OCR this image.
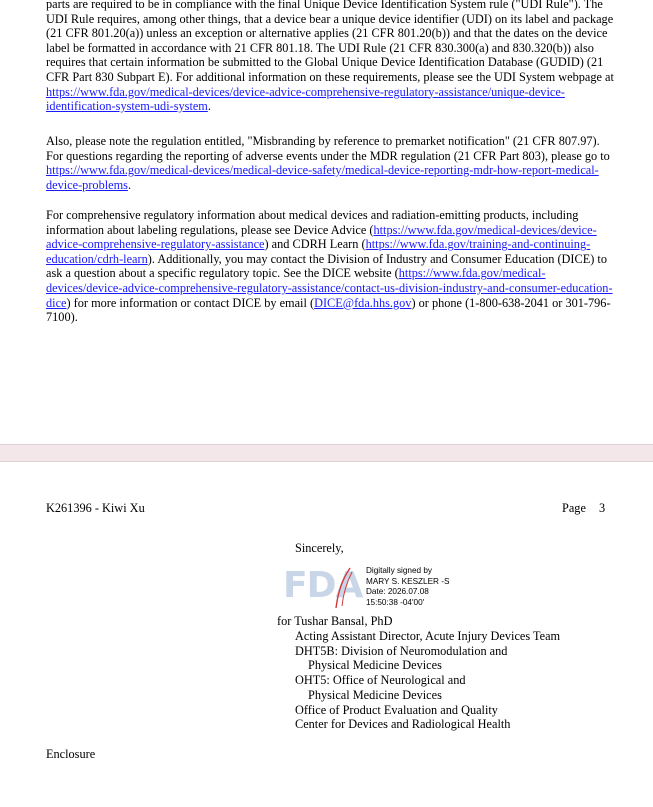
parts are required to be in compliance with the final Unique Device Identification System rule ("UDI Rule"). The UDI Rule requires, among other things, that a device bear a unique device identifier (UDI) on its label and package (21 CFR 801.20(a)) unless an exception or alternative applies (21 CFR 801.20(b)) and that the dates on the device label be formatted in accordance with 21 CFR 801.18. The UDI Rule (21 CFR 830.300(a) and 830.320(b)) also requires that certain information be submitted to the Global Unique Device Identification Database (GUDID) (21 CFR Part 830 Subpart E). For additional information on these requirements, please see the UDI System webpage at https://www.fda.gov/medical-devices/device-advice-comprehensive-regulatory-assistance/unique-device-identification-system-udi-system.

Also, please note the regulation entitled, "Misbranding by reference to premarket notification" (21 CFR 807.97). For questions regarding the reporting of adverse events under the MDR regulation (21 CFR Part 803), please go to https://www.fda.gov/medical-devices/medical-device-safety/medical-device-reporting-mdr-how-report-medical-device-problems.

For comprehensive regulatory information about medical devices and radiation-emitting products, including information about labeling regulations, please see Device Advice (https://www.fda.gov/medical-devices/device-advice-comprehensive-regulatory-assistance) and CDRH Learn (https://www.fda.gov/training-and-continuing-education/cdrh-learn). Additionally, you may contact the Division of Industry and Consumer Education (DICE) to ask a question about a specific regulatory topic. See the DICE website (https://www.fda.gov/medical-devices/device-advice-comprehensive-regulatory-assistance/contact-us-division-industry-and-consumer-education-dice) for more information or contact DICE by email (DICE@fda.hhs.gov) or phone (1-800-638-2041 or 301-796-7100).

K261396 - Kiwi Xu	Page 3
Sincerely,
FDA Digitally signed by
MARY S. KESZLER -S
Date: 2026.07.08
15:50:38 -04'00'
for Tushar Bansal, PhD
Acting Assistant Director, Acute Injury Devices Team
DHT5B: Division of Neuromodulation and
Physical Medicine Devices
OHT5: Office of Neurological and
Physical Medicine Devices
Office of Product Evaluation and Quality
Center for Devices and Radiological Health
Enclosure
